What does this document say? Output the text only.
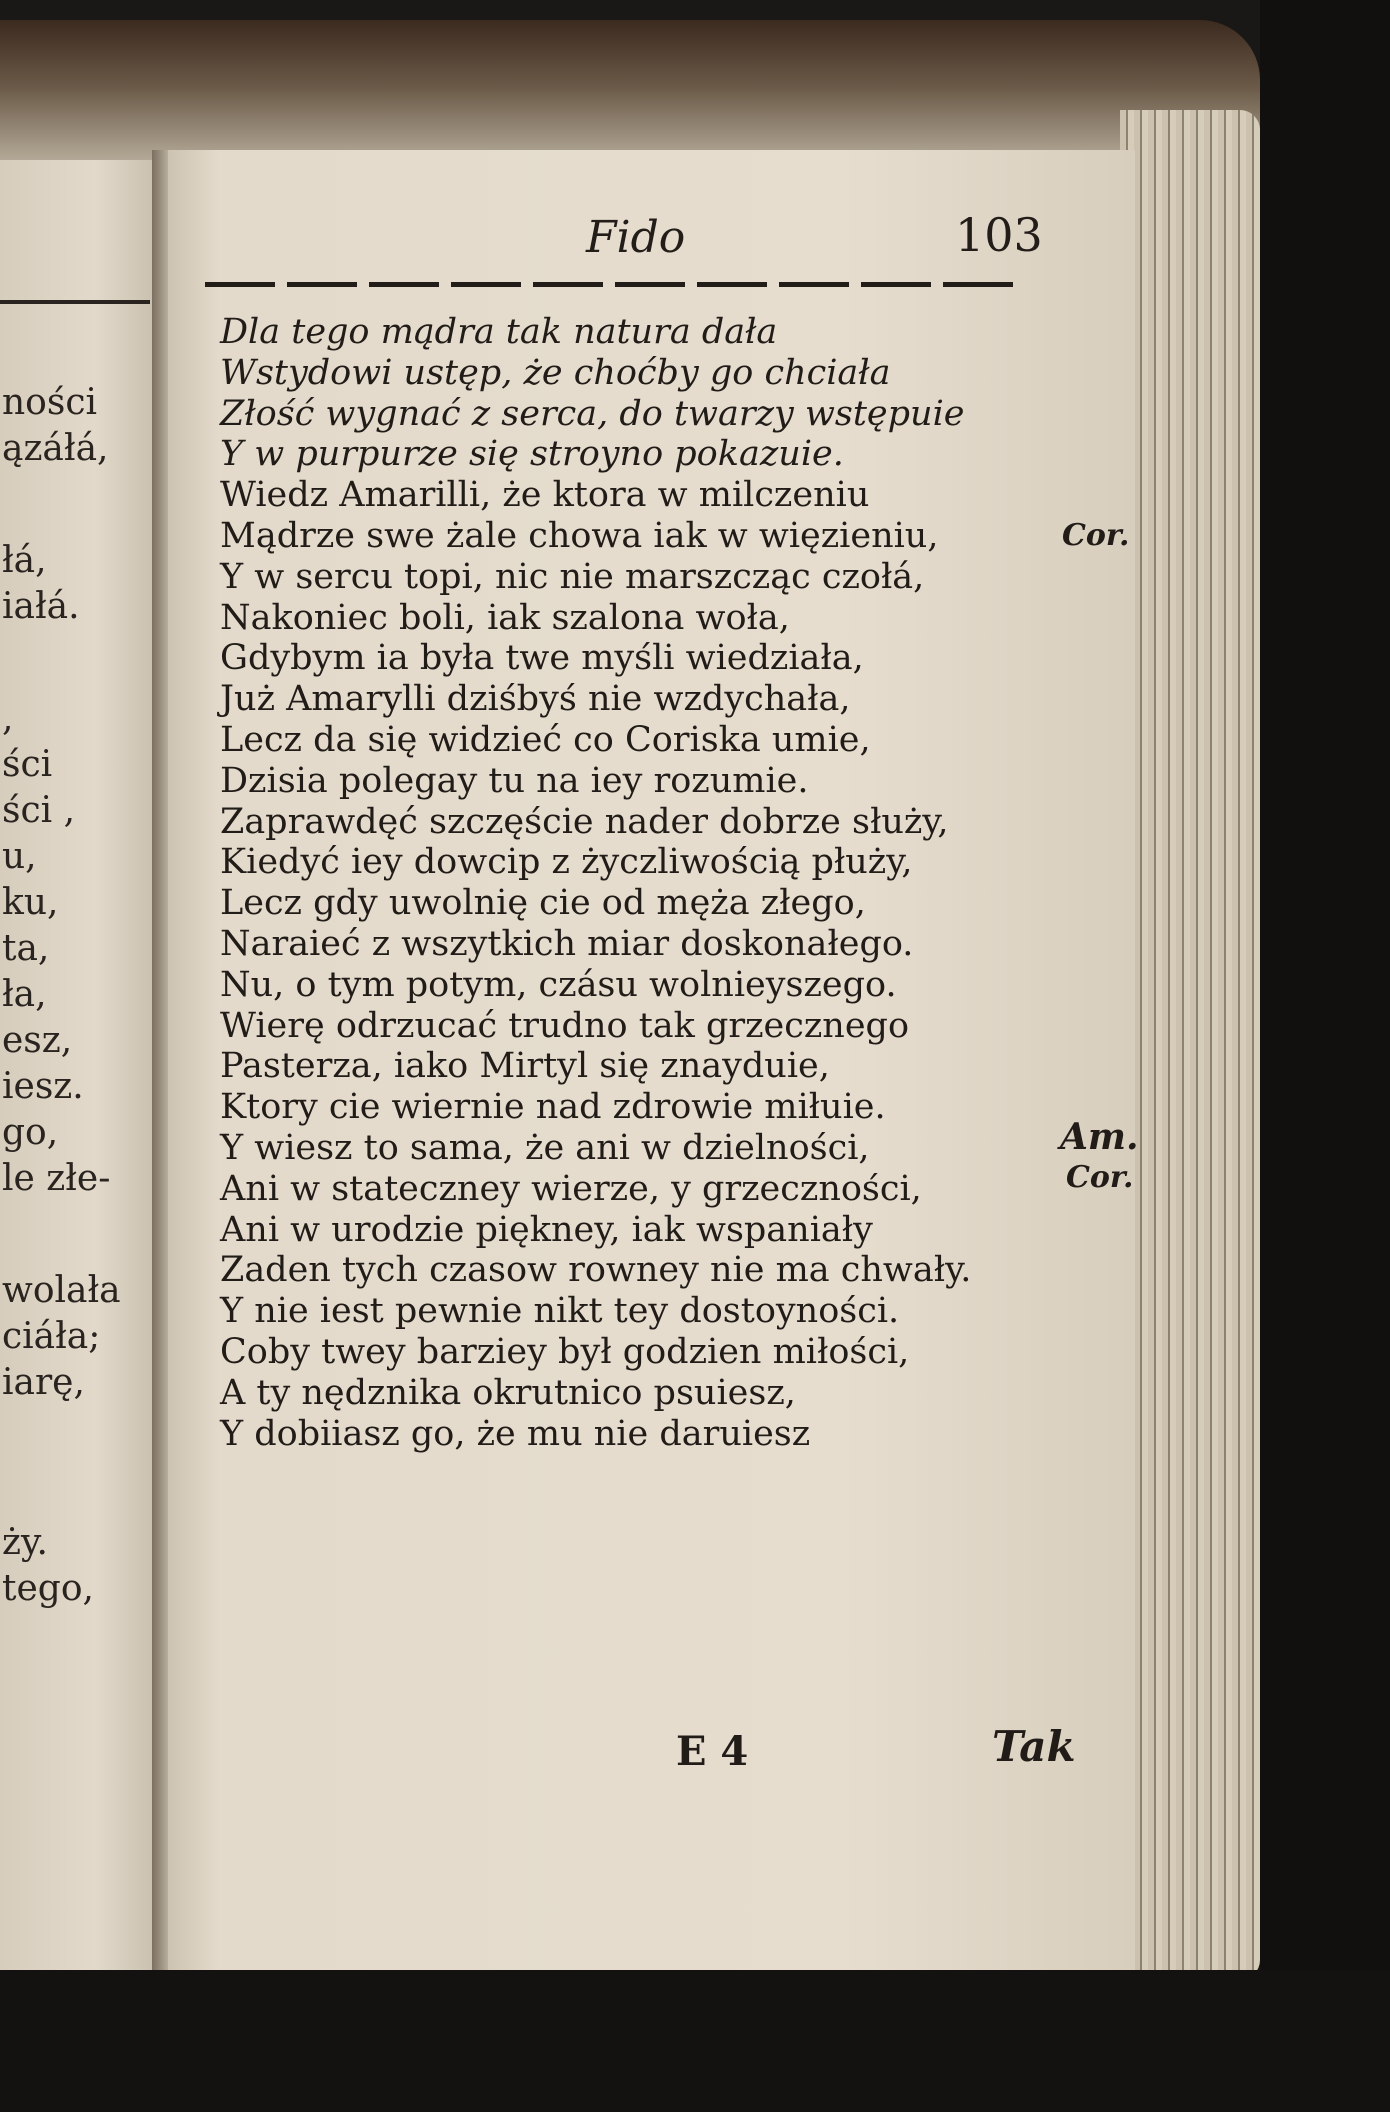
ności
ązáłá,
łá,
iałá.
,
ści
ści ,
u,
ku,
ta,
ła,
esz,
iesz.
go,
le złe-
wolała
ciáła;
iarę,
ży.
tego,
Fido	103
Dla tego mądra tak natura dała
Wstydowi ustęp, że choćby go chciała
Złość wygnać z serca, do twarzy wstępuie
Y w purpurze się stroyno pokazuie.
Wiedz Amarilli, że ktora w milczeniu
Mądrze swe żale chowa iak w więzieniu,
Y w sercu topi, nic nie marszcząc czołá,
Nakoniec boli, iak szalona woła,
Gdybym ia była twe myśli wiedziała,
Już Amarylli dziśbyś nie wzdychała,
Lecz da się widzieć co Coriska umie,
Dzisia polegay tu na iey rozumie.
Zaprawdęć szczęście nader dobrze służy,
Kiedyć iey dowcip z życzliwością płuży,
Lecz gdy uwolnię cie od męża złego,
Naraieć z wszytkich miar doskonałego.
Nu, o tym potym, czásu wolnieyszego.
Wierę odrzucać trudno tak grzecznego
Pasterza, iako Mirtyl się znayduie,
Ktory cie wiernie nad zdrowie miłuie.
Y wiesz to sama, że ani w dzielności,
Ani w stateczney wierze, y grzeczności,
Ani w urodzie piękney, iak wspaniały
Zaden tych czasow rowney nie ma chwały.
Y nie iest pewnie nikt tey dostoyności.
Coby twey barziey był godzien miłości,
A ty nędznika okrutnico psuiesz,
Y dobiiasz go, że mu nie daruiesz
Cor.
Am.
Cor.
E 4	Tak
